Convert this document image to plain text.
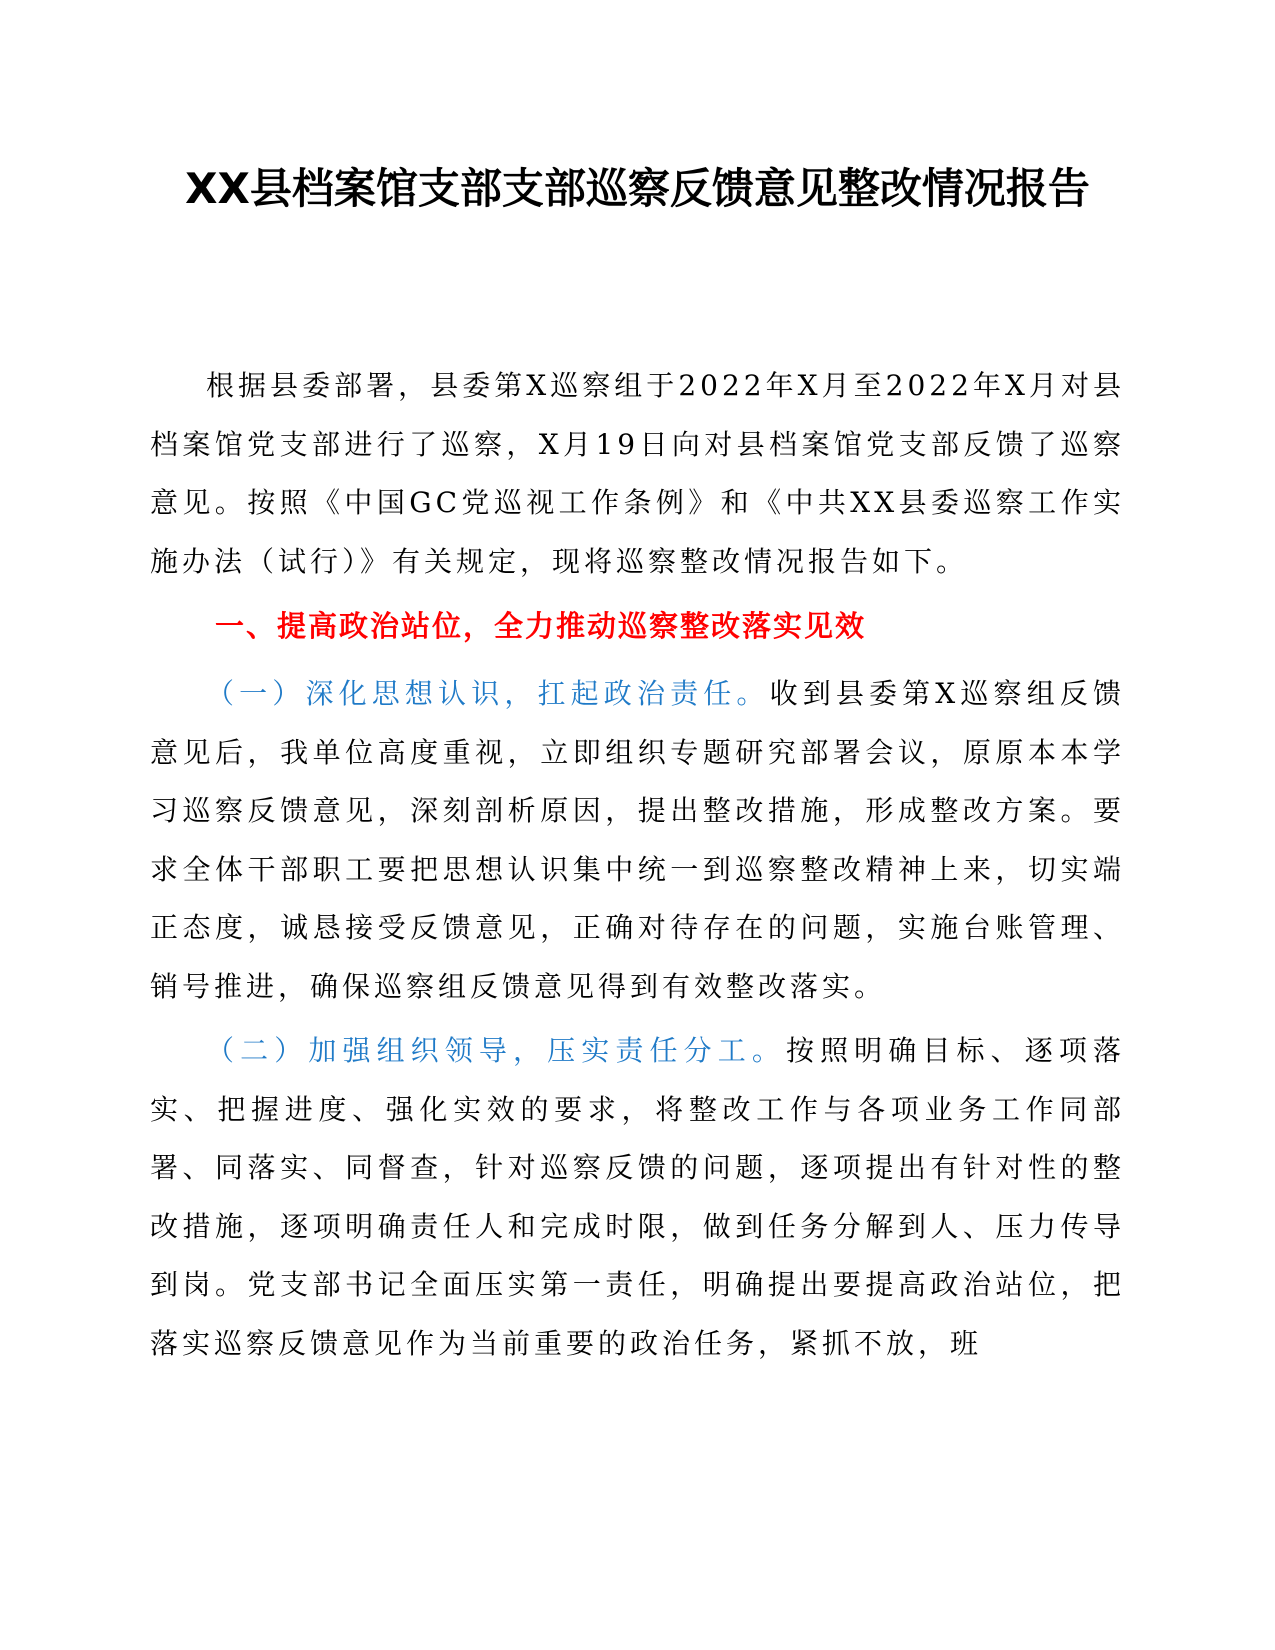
XX县档案馆支部支部巡察反馈意见整改情况报告

根据县委部署，县委第X巡察组于2022年X月至2022年X月对县档案馆党支部进行了巡察，X月19日向对县档案馆党支部反馈了巡察意见。按照《中国GC党巡视工作条例》和《中共XX县委巡察工作实施办法（试行）》有关规定，现将巡察整改情况报告如下。

一、提高政治站位，全力推动巡察整改落实见效

（一）深化思想认识，扛起政治责任。收到县委第X巡察组反馈意见后，我单位高度重视，立即组织专题研究部署会议，原原本本学习巡察反馈意见，深刻剖析原因，提出整改措施，形成整改方案。要求全体干部职工要把思想认识集中统一到巡察整改精神上来，切实端正态度，诚恳接受反馈意见，正确对待存在的问题，实施台账管理、销号推进，确保巡察组反馈意见得到有效整改落实。

（二）加强组织领导，压实责任分工。按照明确目标、逐项落实、把握进度、强化实效的要求，将整改工作与各项业务工作同部署、同落实、同督查，针对巡察反馈的问题，逐项提出有针对性的整改措施，逐项明确责任人和完成时限，做到任务分解到人、压力传导到岗。党支部书记全面压实第一责任，明确提出要提高政治站位，把落实巡察反馈意见作为当前重要的政治任务，紧抓不放，班
